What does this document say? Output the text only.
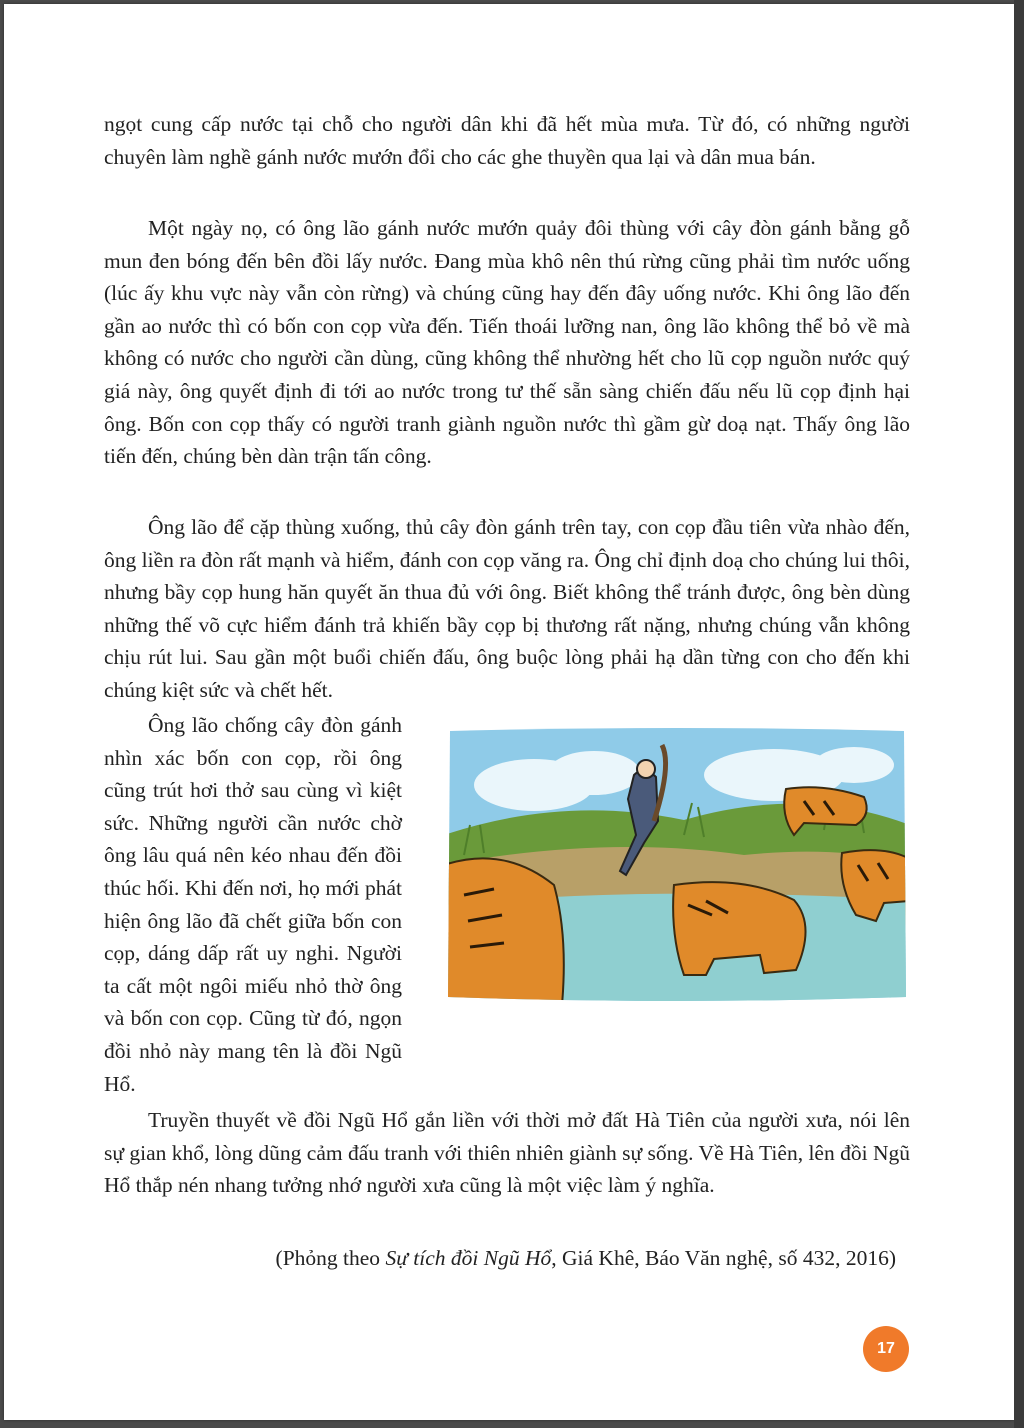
ngọt cung cấp nước tại chỗ cho người dân khi đã hết mùa mưa. Từ đó, có những người chuyên làm nghề gánh nước mướn đổi cho các ghe thuyền qua lại và dân mua bán.

Một ngày nọ, có ông lão gánh nước mướn quảy đôi thùng với cây đòn gánh bằng gỗ mun đen bóng đến bên đồi lấy nước. Đang mùa khô nên thú rừng cũng phải tìm nước uống (lúc ấy khu vực này vẫn còn rừng) và chúng cũng hay đến đây uống nước. Khi ông lão đến gần ao nước thì có bốn con cọp vừa đến. Tiến thoái lưỡng nan, ông lão không thể bỏ về mà không có nước cho người cần dùng, cũng không thể nhường hết cho lũ cọp nguồn nước quý giá này, ông quyết định đi tới ao nước trong tư thế sẵn sàng chiến đấu nếu lũ cọp định hại ông. Bốn con cọp thấy có người tranh giành nguồn nước thì gầm gừ doạ nạt. Thấy ông lão tiến đến, chúng bèn dàn trận tấn công.

Ông lão để cặp thùng xuống, thủ cây đòn gánh trên tay, con cọp đầu tiên vừa nhào đến, ông liền ra đòn rất mạnh và hiểm, đánh con cọp văng ra. Ông chỉ định doạ cho chúng lui thôi, nhưng bầy cọp hung hăn quyết ăn thua đủ với ông. Biết không thể tránh được, ông bèn dùng những thế võ cực hiểm đánh trả khiến bầy cọp bị thương rất nặng, nhưng chúng vẫn không chịu rút lui. Sau gần một buổi chiến đấu, ông buộc lòng phải hạ dần từng con cho đến khi chúng kiệt sức và chết hết.

Ông lão chống cây đòn gánh nhìn xác bốn con cọp, rồi ông cũng trút hơi thở sau cùng vì kiệt sức. Những người cần nước chờ ông lâu quá nên kéo nhau đến đồi thúc hối. Khi đến nơi, họ mới phát hiện ông lão đã chết giữa bốn con cọp, dáng dấp rất uy nghi. Người ta cất một ngôi miếu nhỏ thờ ông và bốn con cọp. Cũng từ đó, ngọn đồi nhỏ này mang tên là đồi Ngũ Hổ.

Truyền thuyết về đồi Ngũ Hổ gắn liền với thời mở đất Hà Tiên của người xưa, nói lên sự gian khổ, lòng dũng cảm đấu tranh với thiên nhiên giành sự sống. Về Hà Tiên, lên đồi Ngũ Hổ thắp nén nhang tưởng nhớ người xưa cũng là một việc làm ý nghĩa.

(Phỏng theo Sự tích đồi Ngũ Hổ, Giá Khê, Báo Văn nghệ, số 432, 2016)
17
